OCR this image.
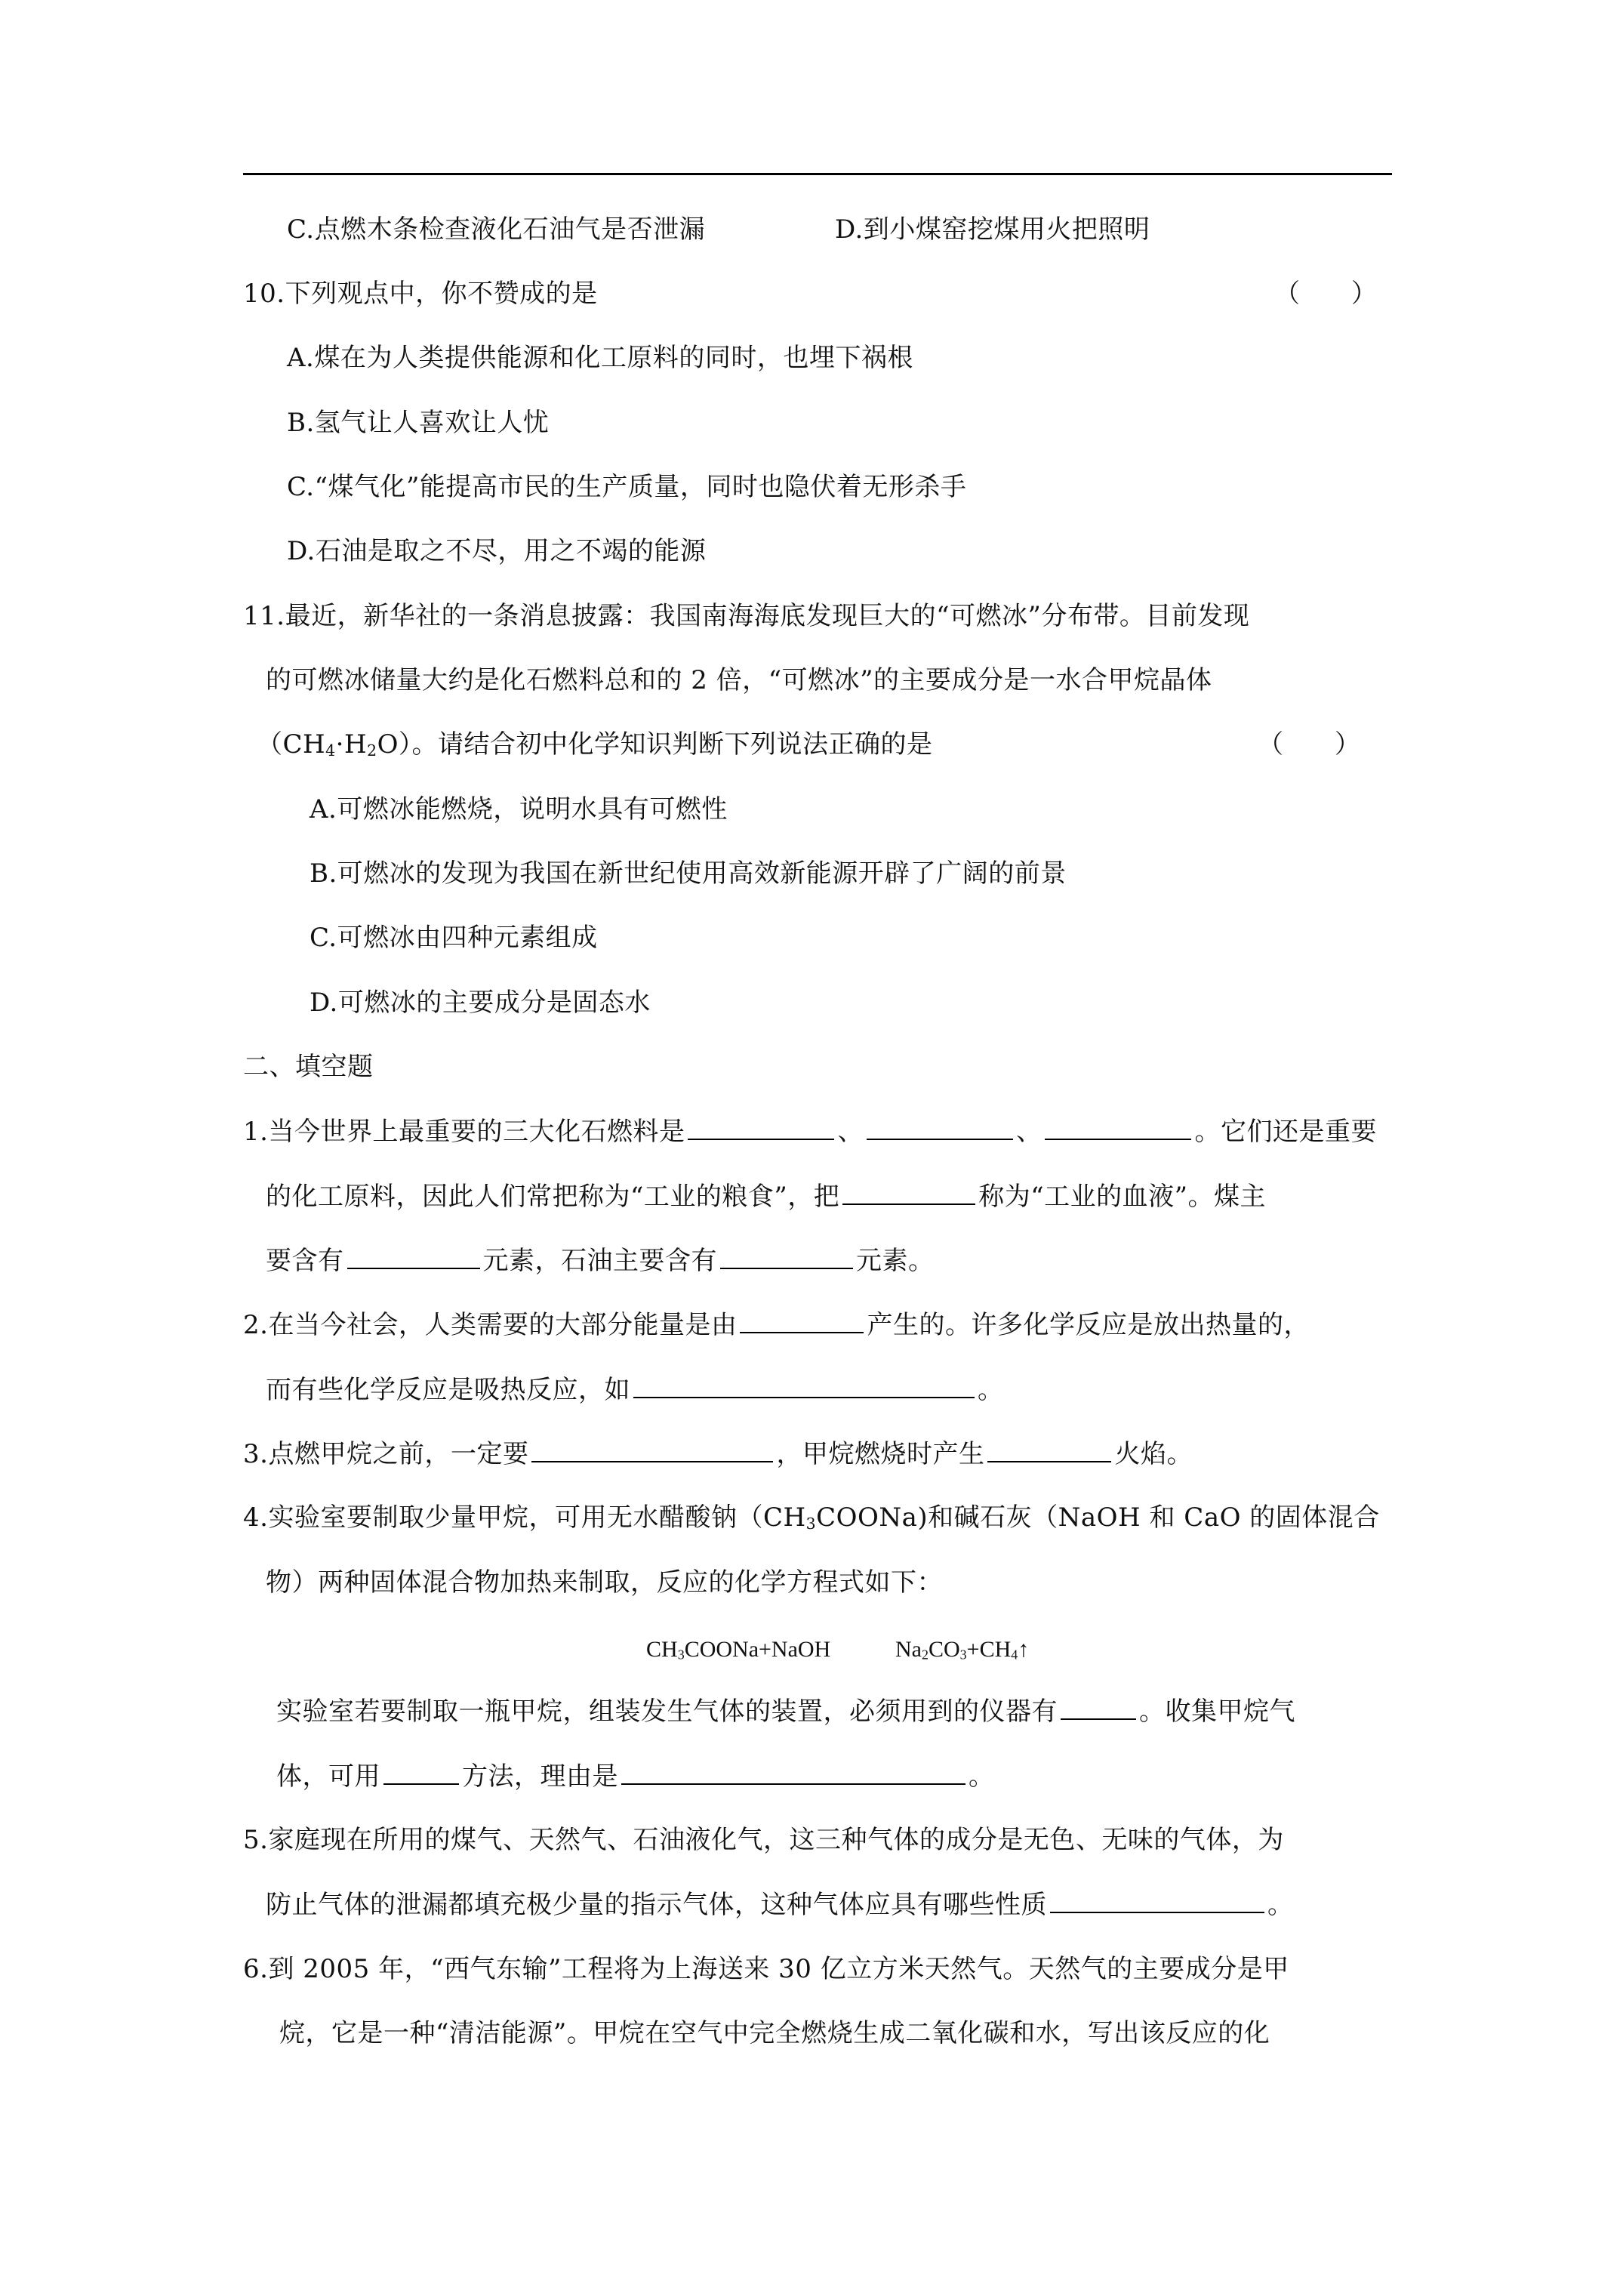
C.点燃木条检查液化石油气是否泄漏	D.到小煤窑挖煤用火把照明
10.下列观点中，你不赞成的是	（　　）
A.煤在为人类提供能源和化工原料的同时，也埋下祸根
B.氢气让人喜欢让人忧
C.“煤气化”能提高市民的生产质量，同时也隐伏着无形杀手
D.石油是取之不尽，用之不竭的能源
11.最近，新华社的一条消息披露：我国南海海底发现巨大的“可燃冰”分布带。目前发现
的可燃冰储量大约是化石燃料总和的 2 倍，“可燃冰”的主要成分是一水合甲烷晶体
$(CH_4\cdot H_2O)$。请结合初中化学知识判断下列说法正确的是	（　　）
A.可燃冰能燃烧，说明水具有可燃性
B.可燃冰的发现为我国在新世纪使用高效新能源开辟了广阔的前景
C.可燃冰由四种元素组成
D.可燃冰的主要成分是固态水
二、填空题
1.当今世界上最重要的三大化石燃料是	、	、	。它们还是重要
的化工原料，因此人们常把称为“工业的粮食”，把	称为“工业的血液”。煤主
要含有	元素，石油主要含有	元素。
2.在当今社会，人类需要的大部分能量是由	产生的。许多化学反应是放出热量的，
而有些化学反应是吸热反应，如	。
3.点燃甲烷之前，一定要	，甲烷燃烧时产生	火焰。
4.实验室要制取少量甲烷，可用无水醋酸钠$(CH_3COONa)$和碱石灰（NaOH 和 CaO 的固体混合
物）两种固体混合物加热来制取，反应的化学方程式如下：
$CH_3COONa+NaOH$	$Na_2CO_3+CH_4↑$
实验室若要制取一瓶甲烷，组装发生气体的装置，必须用到的仪器有	。收集甲烷气
体，可用	方法，理由是	。
5.家庭现在所用的煤气、天然气、石油液化气，这三种气体的成分是无色、无味的气体，为
防止气体的泄漏都填充极少量的指示气体，这种气体应具有哪些性质	。
6.到 2005 年，“西气东输”工程将为上海送来 30 亿立方米天然气。天然气的主要成分是甲
烷，它是一种“清洁能源”。甲烷在空气中完全燃烧生成二氧化碳和水，写出该反应的化
